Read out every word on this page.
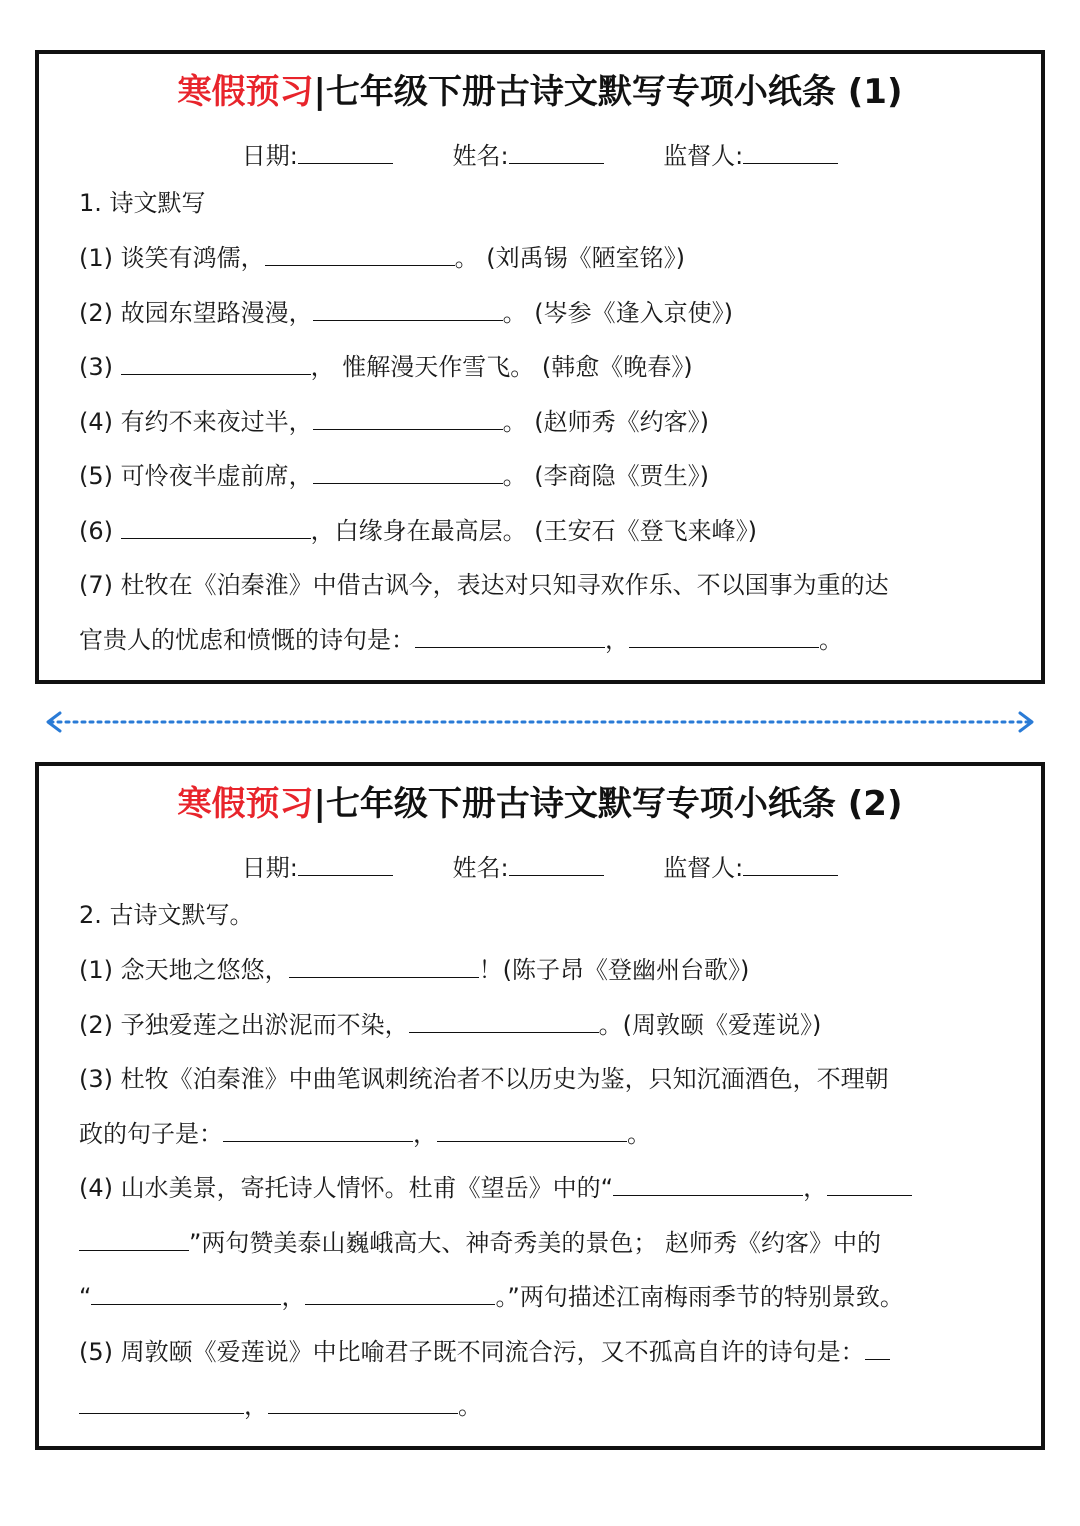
寒假预习|七年级下册古诗文默写专项小纸条 (1)
日期:	姓名:	监督人:
1. 诗文默写
(1) 谈笑有鸿儒，	。 (刘禹锡《陋室铭》)
(2) 故园东望路漫漫，	。 (岑参《逢入京使》)
(3)	， 惟解漫天作雪飞。 (韩愈《晚春》)
(4) 有约不来夜过半，	。 (赵师秀《约客》)
(5) 可怜夜半虚前席，	。 (李商隐《贾生》)
(6)	，白缘身在最高层。 (王安石《登飞来峰》)
(7) 杜牧在《泊秦淮》中借古讽今，表达对只知寻欢作乐、不以国事为重的达
官贵人的忧虑和愤慨的诗句是：	，	。
寒假预习|七年级下册古诗文默写专项小纸条 (2)
日期:	姓名:	监督人:
2. 古诗文默写。
(1) 念天地之悠悠，	！(陈子昂《登幽州台歌》)
(2) 予独爱莲之出淤泥而不染，	。(周敦颐《爱莲说》)
(3) 杜牧《泊秦淮》中曲笔讽刺统治者不以历史为鉴，只知沉湎酒色，不理朝
政的句子是：	，	。
(4) 山水美景，寄托诗人情怀。杜甫《望岳》中的“	，
”两句赞美泰山巍峨高大、神奇秀美的景色； 赵师秀《约客》中的
“	，	。”两句描述江南梅雨季节的特别景致。
(5) 周敦颐《爱莲说》中比喻君子既不同流合污，又不孤高自许的诗句是：
，	。
